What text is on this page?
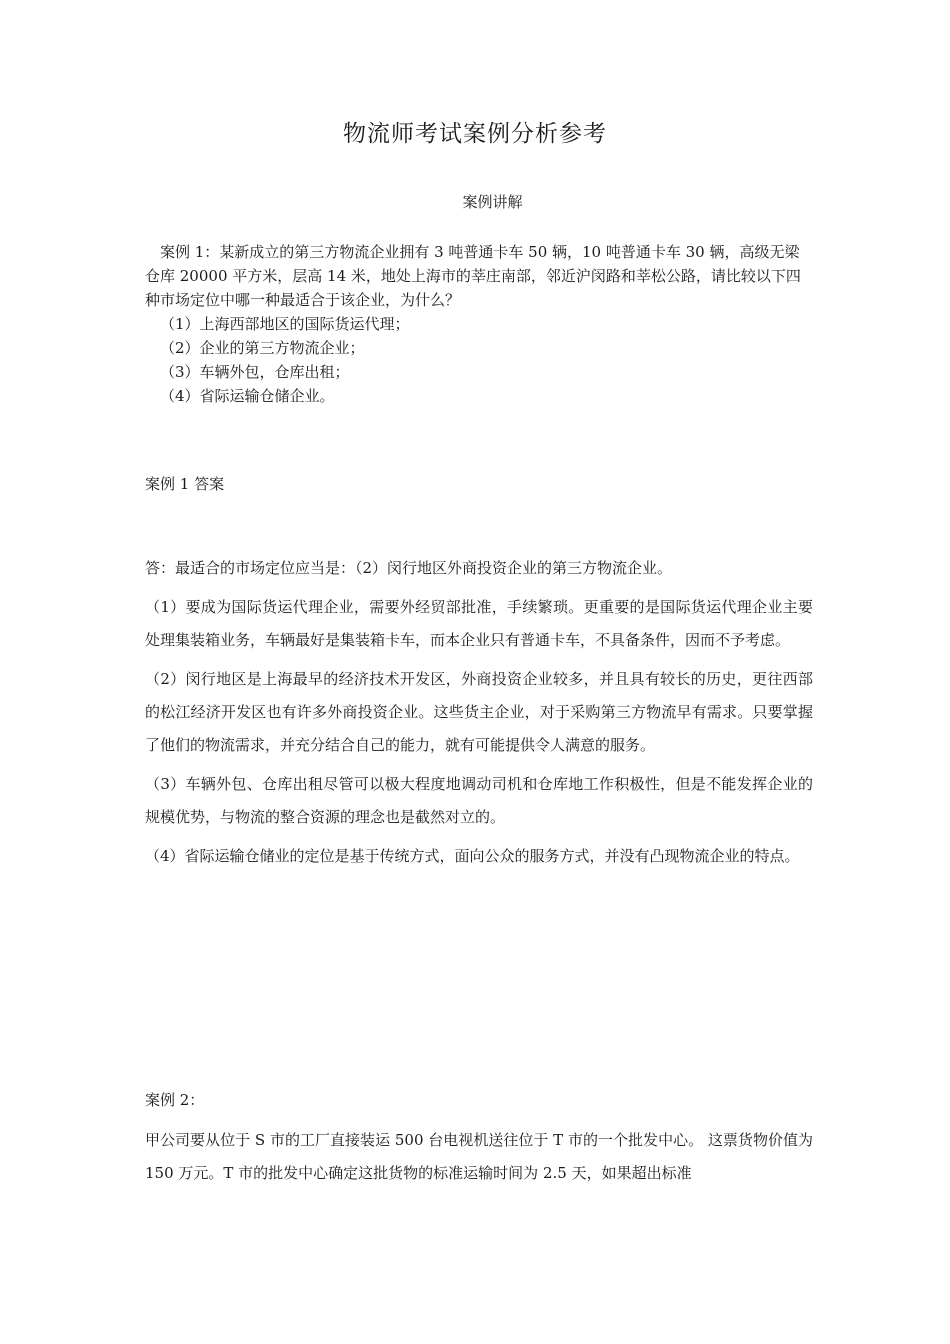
物流师考试案例分析参考
案例讲解

案例 1：某新成立的第三方物流企业拥有 3 吨普通卡车 50 辆，10 吨普通卡车 30 辆，高级无梁仓库 20000 平方米，层高 14 米，地处上海市的莘庄南部，邻近沪闵路和莘松公路，请比较以下四种市场定位中哪一种最适合于该企业，为什么？

（1）上海西部地区的国际货运代理；
（2）企业的第三方物流企业；
（3）车辆外包，仓库出租；
（4）省际运输仓储企业。
案例 1 答案

答：最适合的市场定位应当是：（2）闵行地区外商投资企业的第三方物流企业。

（1）要成为国际货运代理企业，需要外经贸部批准，手续繁琐。更重要的是国际货运代理企业主要处理集装箱业务，车辆最好是集装箱卡车，而本企业只有普通卡车，不具备条件，因而不予考虑。

（2）闵行地区是上海最早的经济技术开发区，外商投资企业较多，并且具有较长的历史，更往西部的松江经济开发区也有许多外商投资企业。这些货主企业，对于采购第三方物流早有需求。只要掌握了他们的物流需求，并充分结合自己的能力，就有可能提供令人满意的服务。

（3）车辆外包、仓库出租尽管可以极大程度地调动司机和仓库地工作积极性，但是不能发挥企业的规模优势，与物流的整合资源的理念也是截然对立的。

（4）省际运输仓储业的定位是基于传统方式，面向公众的服务方式，并没有凸现物流企业的特点。

案例 2：

甲公司要从位于 S 市的工厂直接装运 500 台电视机送往位于 T 市的一个批发中心。 这票货物价值为 150 万元。T 市的批发中心确定这批货物的标准运输时间为 2.5 天，如果超出标准
